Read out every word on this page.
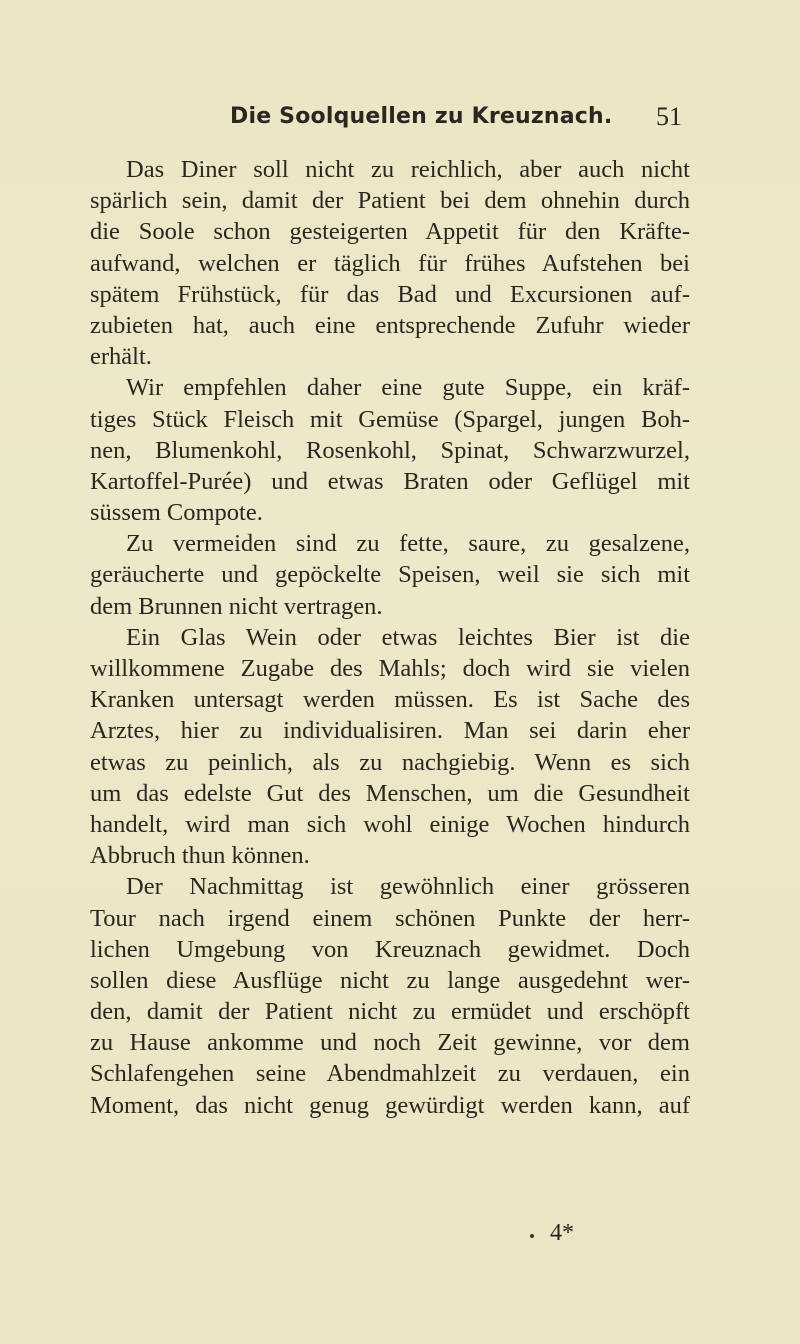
Die Soolquellen zu Kreuznach. 51
Das Diner soll nicht zu reichlich, aber auch nicht
spärlich sein, damit der Patient bei dem ohnehin durch
die Soole schon gesteigerten Appetit für den Kräfte-
aufwand, welchen er täglich für frühes Aufstehen bei
spätem Frühstück, für das Bad und Excursionen auf-
zubieten hat, auch eine entsprechende Zufuhr wieder
erhält.
Wir empfehlen daher eine gute Suppe, ein kräf-
tiges Stück Fleisch mit Gemüse (Spargel, jungen Boh-
nen, Blumenkohl, Rosenkohl, Spinat, Schwarzwurzel,
Kartoffel-Purée) und etwas Braten oder Geflügel mit
süssem Compote.
Zu vermeiden sind zu fette, saure, zu gesalzene,
geräucherte und gepöckelte Speisen, weil sie sich mit
dem Brunnen nicht vertragen.
Ein Glas Wein oder etwas leichtes Bier ist die
willkommene Zugabe des Mahls; doch wird sie vielen
Kranken untersagt werden müssen. Es ist Sache des
Arztes, hier zu individualisiren. Man sei darin eher
etwas zu peinlich, als zu nachgiebig. Wenn es sich
um das edelste Gut des Menschen, um die Gesundheit
handelt, wird man sich wohl einige Wochen hindurch
Abbruch thun können.
Der Nachmittag ist gewöhnlich einer grösseren
Tour nach irgend einem schönen Punkte der herr-
lichen Umgebung von Kreuznach gewidmet. Doch
sollen diese Ausflüge nicht zu lange ausgedehnt wer-
den, damit der Patient nicht zu ermüdet und erschöpft
zu Hause ankomme und noch Zeit gewinne, vor dem
Schlafengehen seine Abendmahlzeit zu verdauen, ein
Moment, das nicht genug gewürdigt werden kann, auf
4*
